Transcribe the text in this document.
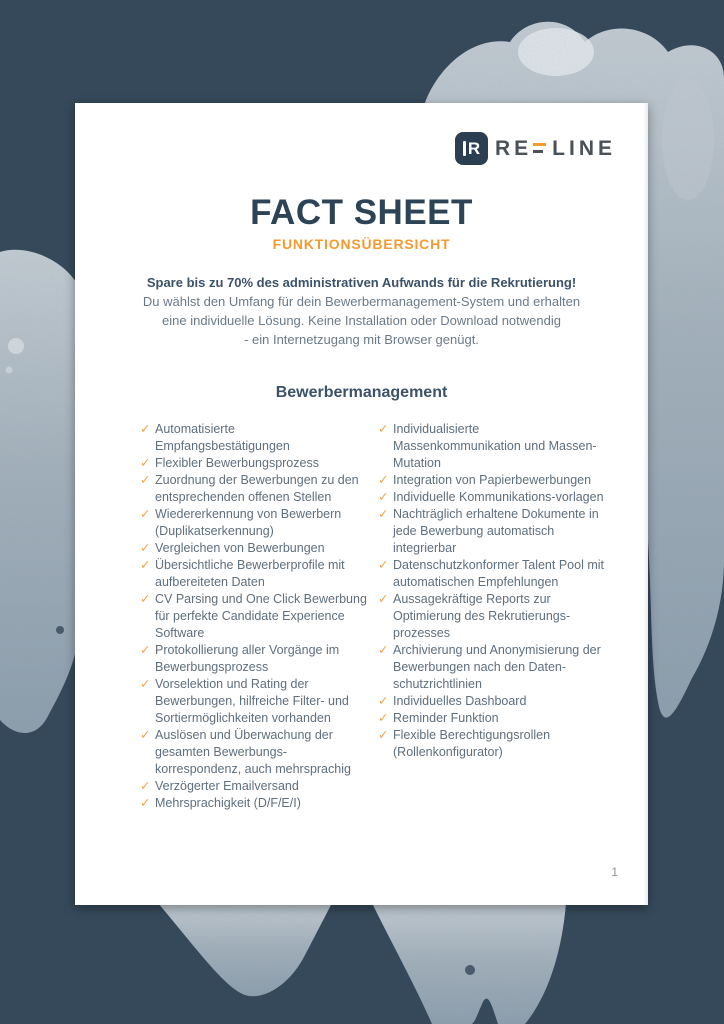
R RE LINE
FACT SHEET
FUNKTIONSÜBERSICHT

Spare bis zu 70% des administrativen Aufwands für die Rekrutierung!

Du wählst den Umfang für dein Bewerbermanagement-System und erhalten
eine individuelle Lösung. Keine Installation oder Download notwendig
- ein Internetzugang mit Browser genügt.
Bewerbermanagement
✓ Automatisierte Empfangsbestätigungen
✓ Flexibler Bewerbungsprozess
✓ Zuordnung der Bewerbungen zu den entsprechenden offenen Stellen
✓ Wiedererkennung von Bewerbern (Duplikatserkennung)
✓ Vergleichen von Bewerbungen
✓ Übersichtliche Bewerberprofile mit aufbereiteten Daten
✓ CV Parsing und One Click Bewerbung für perfekte Candidate Experience Software
✓ Protokollierung aller Vorgänge im Bewerbungsprozess
✓ Vorselektion und Rating der Bewerbungen, hilfreiche Filter- und Sortiermöglichkeiten vorhanden
✓ Auslösen und Überwachung der gesamten Bewerbungs-korrespondenz, auch mehrsprachig
✓ Verzögerter Emailversand
✓ Mehrsprachigkeit (D/F/E/I)
✓ Individualisierte Massenkommunikation und Massen-Mutation
✓ Integration von Papierbewerbungen
✓ Individuelle Kommunikations-vorlagen
✓ Nachträglich erhaltene Dokumente in jede Bewerbung automatisch integrierbar
✓ Datenschutzkonformer Talent Pool mit automatischen Empfehlungen
✓ Aussagekräftige Reports zur Optimierung des Rekrutierungs-prozesses
✓ Archivierung und Anonymisierung der Bewerbungen nach den Daten-schutzrichtlinien
✓ Individuelles Dashboard
✓ Reminder Funktion
✓ Flexible Berechtigungsrollen (Rollenkonfigurator)
1
